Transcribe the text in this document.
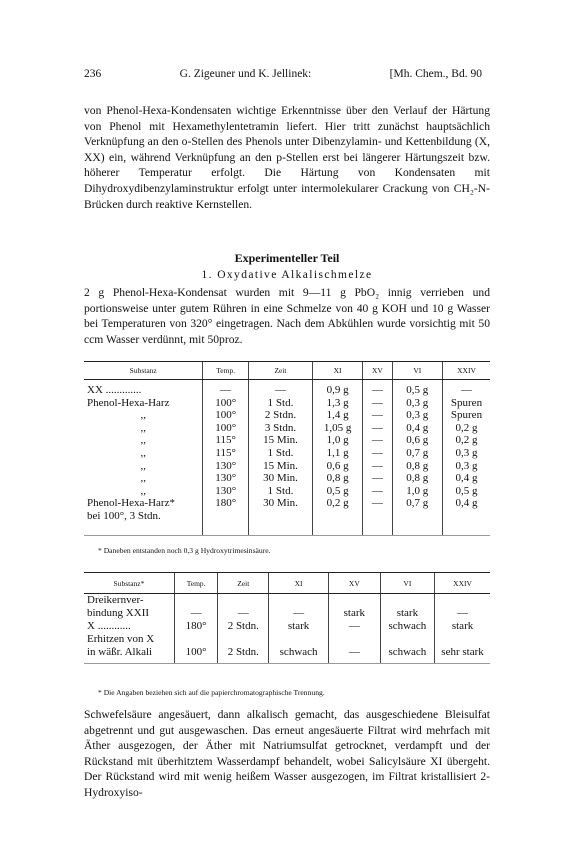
236	G. Zigeuner und K. Jellinek:	[Mh. Chem., Bd. 90

von Phenol-Hexa-Kondensaten wichtige Erkenntnisse über den Verlauf der Härtung von Phenol mit Hexamethylentetramin liefert. Hier tritt zunächst hauptsächlich Verknüpfung an den o-Stellen des Phenols unter Dibenzylamin- und Kettenbildung (X, XX) ein, während Verknüpfung an den p-Stellen erst bei längerer Härtungszeit bzw. höherer Temperatur erfolgt. Die Härtung von Kondensaten mit Dihydroxydibenzylaminstruktur erfolgt unter intermolekularer Crackung von CH₂-N-Brücken durch reaktive Kernstellen.

Experimenteller Teil
1. Oxydative Alkalischmelze

2 g Phenol-Hexa-Kondensat wurden mit 9—11 g PbO₂ innig verrieben und portionsweise unter gutem Rühren in eine Schmelze von 40 g KOH und 10 g Wasser bei Temperaturen von 320° eingetragen. Nach dem Abkühlen wurde vorsichtig mit 50 ccm Wasser verdünnt, mit 50proz.

Substanz	Temp.	Zeit	XI	XV	VI	XXIV
XX .............	—	—	0,9 g	—	0,5 g	—
Phenol-Hexa-Harz	100°	1 Std.	1,3 g	—	0,3 g	Spuren
,,	100°	2 Stdn.	1,4 g	—	0,3 g	Spuren
,,	100°	3 Stdn.	1,05 g	—	0,4 g	0,2 g
,,	115°	15 Min.	1,0 g	—	0,6 g	0,2 g
,,	115°	1 Std.	1,1 g	—	0,7 g	0,3 g
,,	130°	15 Min.	0,6 g	—	0,8 g	0,3 g
,,	130°	30 Min.	0,8 g	—	0,8 g	0,4 g
,,	130°	1 Std.	0,5 g	—	1,0 g	0,5 g
Phenol-Hexa-Harz*	180°	30 Min.	0,2 g	—	0,7 g	0,4 g
bei 100°, 3 Stdn.						
* Daneben entstanden noch 0,3 g Hydroxytrimesinsäure.
Substanz*	Temp.	Zeit	XI	XV	VI	XXIV

Dreikernver-						
bindung XXII	—	—	—	stark	stark	—
X ............	180°	2 Stdn.	stark	—	schwach	stark
Erhitzen von X						
in wäßr. Alkali	100°	2 Stdn.	schwach	—	schwach	sehr stark
* Die Angaben beziehen sich auf die papierchromatographische Trennung.

Schwefelsäure angesäuert, dann alkalisch gemacht, das ausgeschiedene Bleisulfat abgetrennt und gut ausgewaschen. Das erneut angesäuerte Filtrat wird mehrfach mit Äther ausgezogen, der Äther mit Natriumsulfat getrocknet, verdampft und der Rückstand mit überhitztem Wasserdampf behandelt, wobei Salicylsäure XI übergeht. Der Rückstand wird mit wenig heißem Wasser ausgezogen, im Filtrat kristallisiert 2-Hydroxyiso-
